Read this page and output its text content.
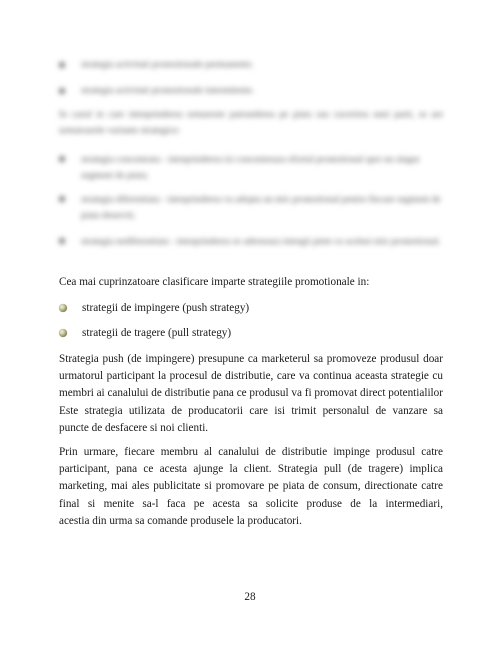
strategia activitati promotionale permanente;
strategia activitati promotionale intermitente.
In cazul in care intreprinderea urmareste patrunderea pe piata sau cucerirea unei parti, se are urmatoarele variante strategice:
strategia concentrata - intreprinderea isi concentreaza efortul promotional spre un singur segment de piata;
strategia diferentiata - intreprinderea va adopta un mix promotional pentru fiecare segment de piata deservit;
strategia nediferentiata - intreprinderea se adreseaza intregii piete cu acelasi mix promotional.
Cea mai cuprinzatoare clasificare imparte strategiile promotionale in:
strategii de impingere (push strategy)
strategii de tragere (pull strategy)
Strategia push (de impingere) presupune ca marketerul sa promoveze produsul doar
urmatorul participant la procesul de distributie, care va continua aceasta strategie cu
membri ai canalului de distributie pana ce produsul va fi promovat direct potentialilor
Este strategia utilizata de producatorii care isi trimit personalul de vanzare sa
puncte de desfacere si noi clienti.
Prin urmare, fiecare membru al canalului de distributie impinge produsul catre
participant, pana ce acesta ajunge la client. Strategia pull (de tragere) implica
marketing, mai ales publicitate si promovare pe piata de consum, directionate catre
final si menite sa-l faca pe acesta sa solicite produse de la intermediari,
acestia din urma sa comande produsele la producatori.
28
